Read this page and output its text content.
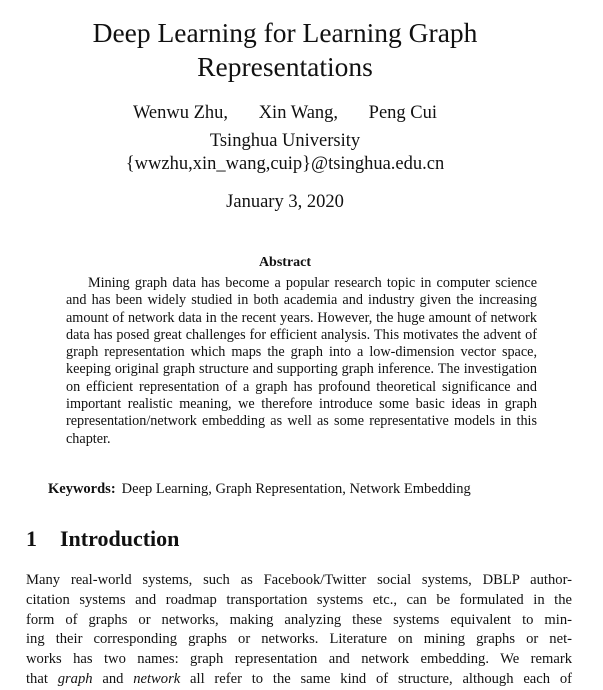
Deep Learning for Learning Graph
Representations
Wenwu Zhu, Xin Wang, Peng Cui
Tsinghua University
{wwzhu,xin_wang,cuip}@tsinghua.edu.cn
January 3, 2020
Abstract
Mining graph data has become a popular research topic in computer science and has been widely studied in both academia and industry given the increasing amount of network data in the recent years. However, the huge amount of network data has posed great challenges for efficient analysis. This motivates the advent of graph representation which maps the graph into a low-dimension vector space, keeping original graph structure and supporting graph inference. The investigation on efficient representation of a graph has profound theoretical significance and important realistic meaning, we therefore introduce some basic ideas in graph representation/network embedding as well as some representative models in this chapter.
Keywords: Deep Learning, Graph Representation, Network Embedding
1 Introduction
Many real-world systems, such as Facebook/Twitter social systems, DBLP author-
citation systems and roadmap transportation systems etc., can be formulated in the
form of graphs or networks, making analyzing these systems equivalent to min-
ing their corresponding graphs or networks. Literature on mining graphs or net-
works has two names: graph representation and network embedding. We remark
that graph and network all refer to the same kind of structure, although each of
